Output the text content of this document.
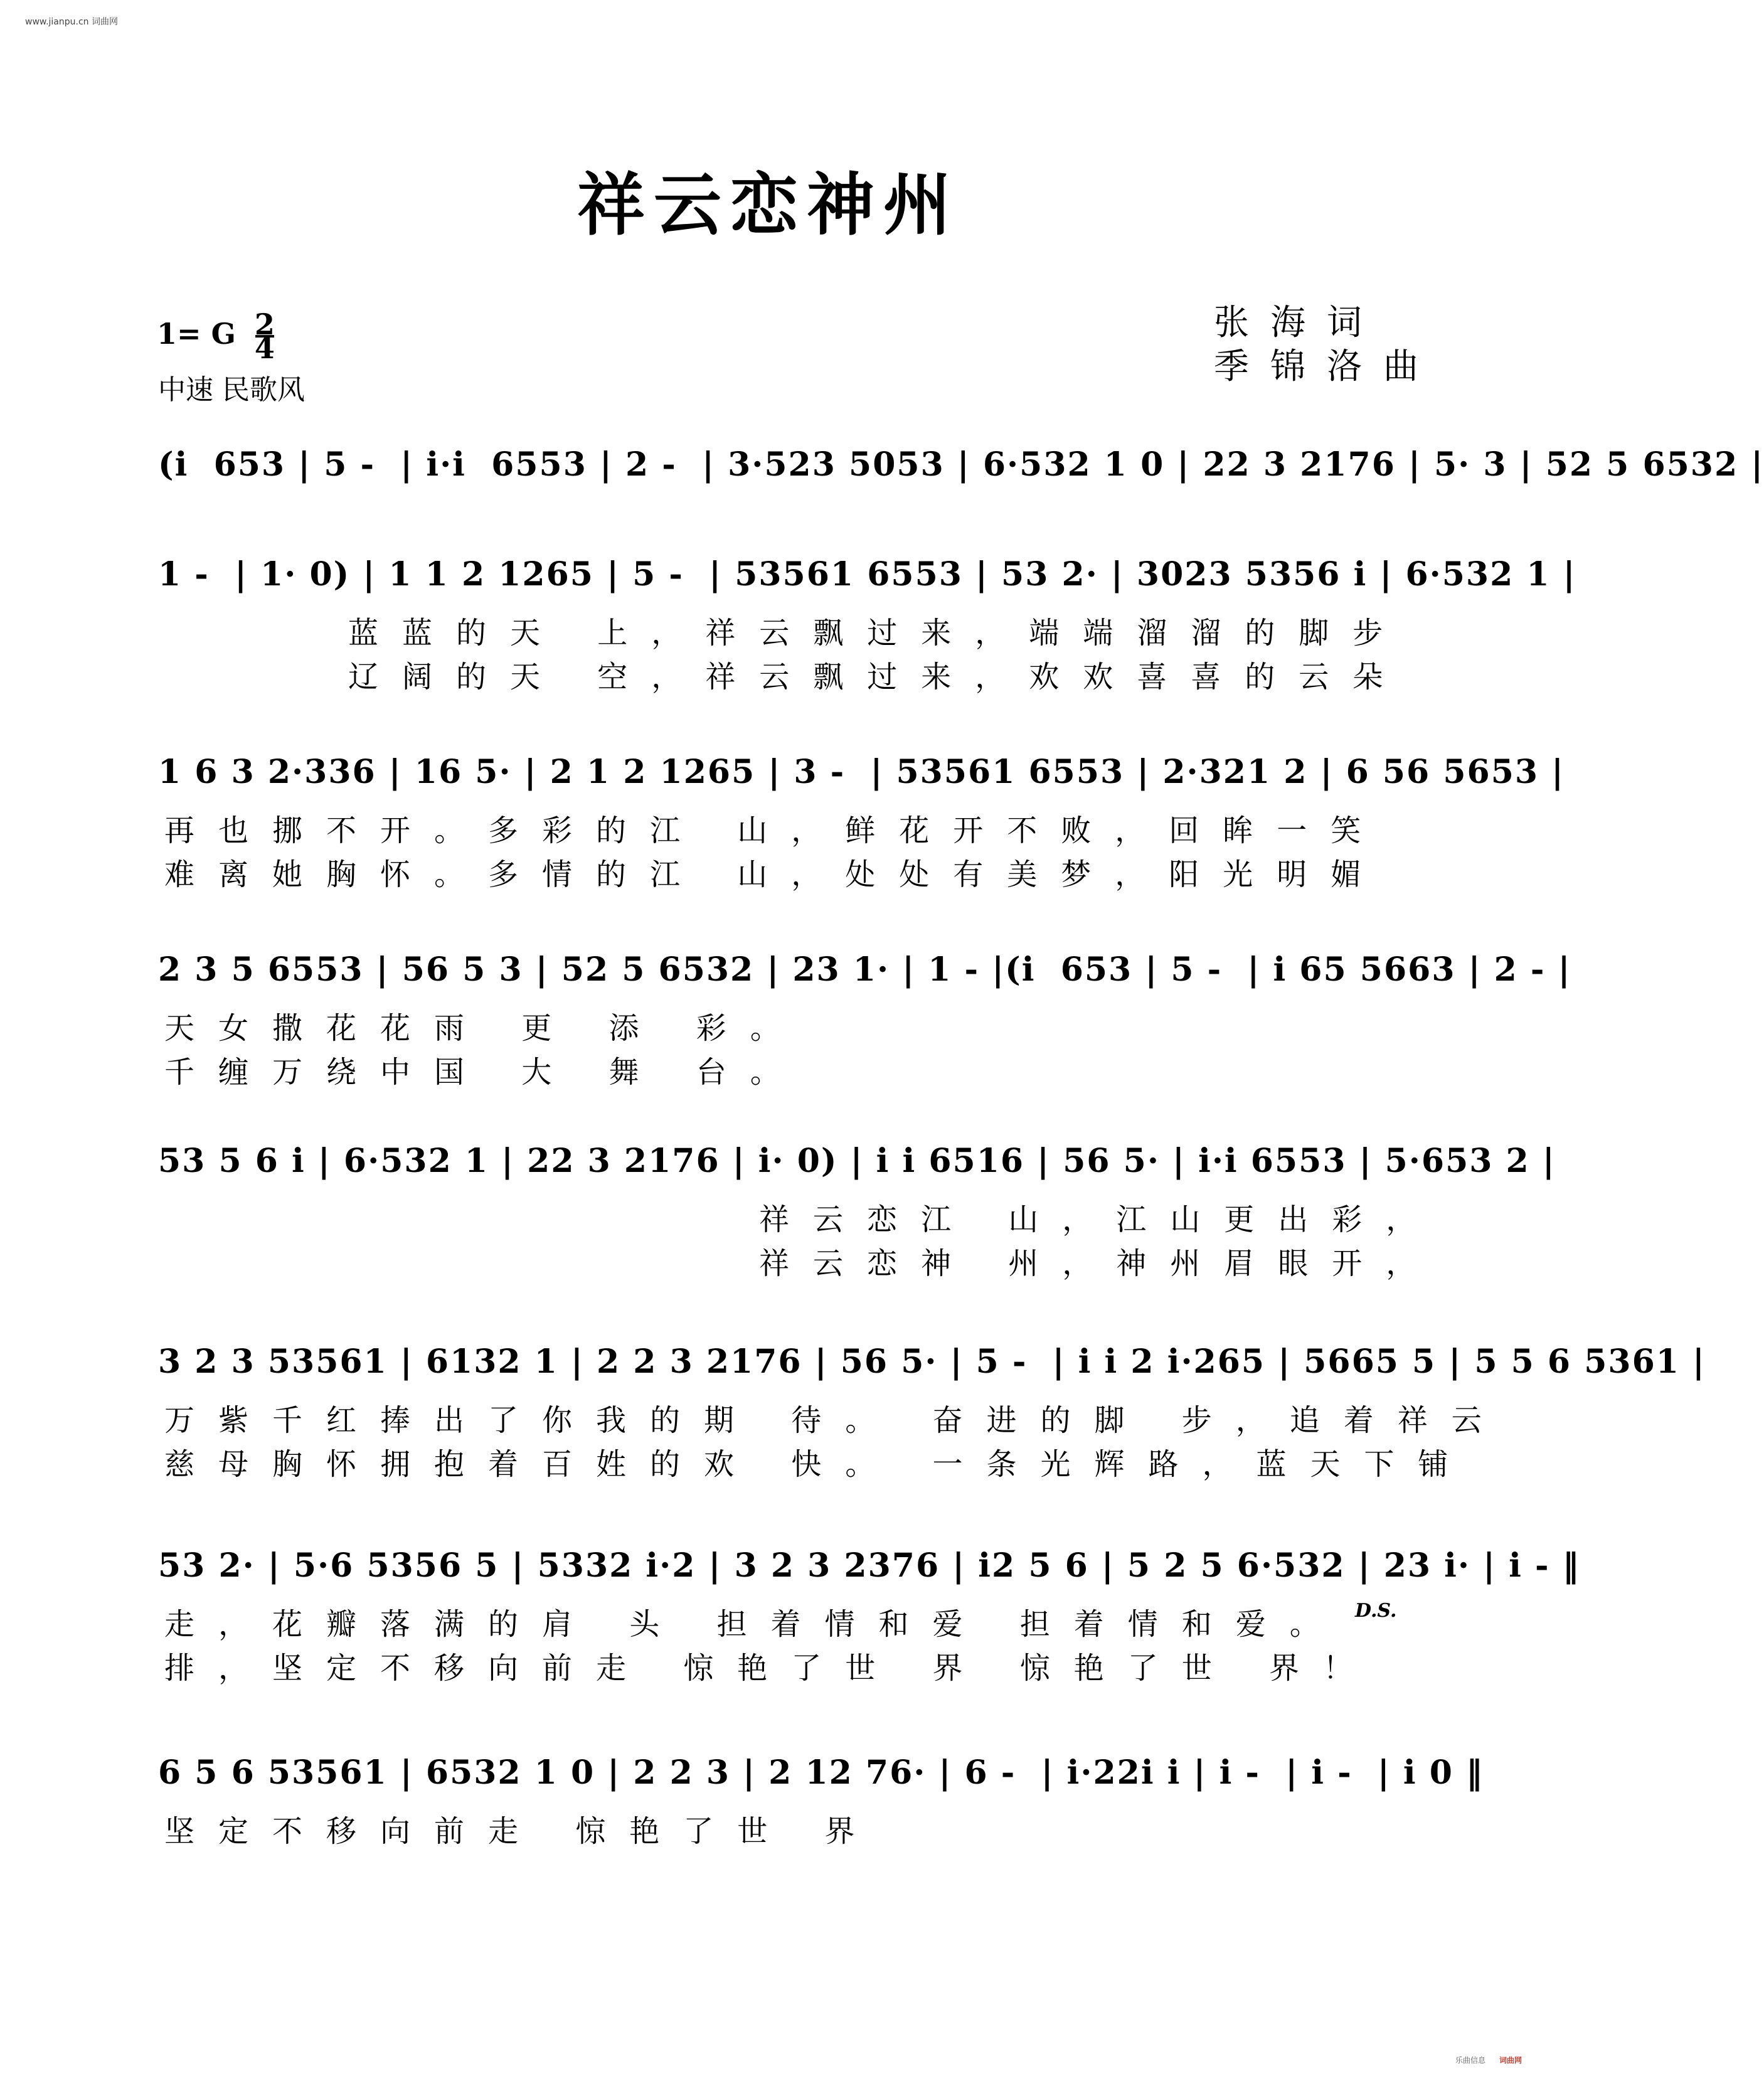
www.jianpu.cn 词曲网
祥云恋神州
张海词
季锦洛曲
1= G $\frac{2}{4}$
中速 民歌风
(i  653 | 5 -  | i·i  6553 | 2 -  | 3·523 5053 | 6·532 1 0 | 22 3 2176 | 5· 3 | 52 5 6532 |
1 -  | 1· 0) | 1 1 2 1265 | 5 -  | 53561 6553 | 53 2· | 3023 5356 i | 6·532 1 |
蓝蓝的天 上，祥云飘过来，端端溜溜的脚步
辽阔的天 空，祥云飘过来，欢欢喜喜的云朵
1 6 3 2·336 | 16 5· | 2 1 2 1265 | 3 -  | 53561 6553 | 2·321 2 | 6 56 5653 |
再也挪不开。多彩的江 山，鲜花开不败，回眸一笑
难离她胸怀。多情的江 山，处处有美梦，阳光明媚
2 3 5 6553 | 56 5 3 | 52 5 6532 | 23 1· | 1 - |(i  653 | 5 -  | i 65 5663 | 2 - |
天女撒花花雨 更 添 彩。
千缠万绕中国 大 舞 台。
53 5 6 i | 6·532 1 | 22 3 2176 | i· 0) | i i 6516 | 56 5· | i·i 6553 | 5·653 2 |
祥云恋江 山，江山更出彩，
祥云恋神 州，神州眉眼开，
3 2 3 53561 | 6132 1 | 2 2 3 2176 | 56 5· | 5 -  | i i 2 i·265 | 5665 5 | 5 5 6 5361 |
万紫千红捧出了你我的期 待。 奋进的脚 步，追着祥云
慈母胸怀拥抱着百姓的欢 快。 一条光辉路，蓝天下铺
53 2· | 5·6 5356 5 | 5332 i·2 | 3 2 3 2376 | i2 5 6 | 5 2 5 6·532 | 23 i· | i - ‖
走，花瓣落满的肩 头 担着情和爱 担着情和爱。
排，坚定不移向前走 惊艳了世 界 惊艳了世 界！
D.S.
6 5 6 53561 | 6532 1 0 | 2 2 3 | 2 12 76· | 6 -  | i·22i i | i -  | i -  | i 0 ‖
坚定不移向前走 惊艳了世 界
乐曲信息 词曲网
